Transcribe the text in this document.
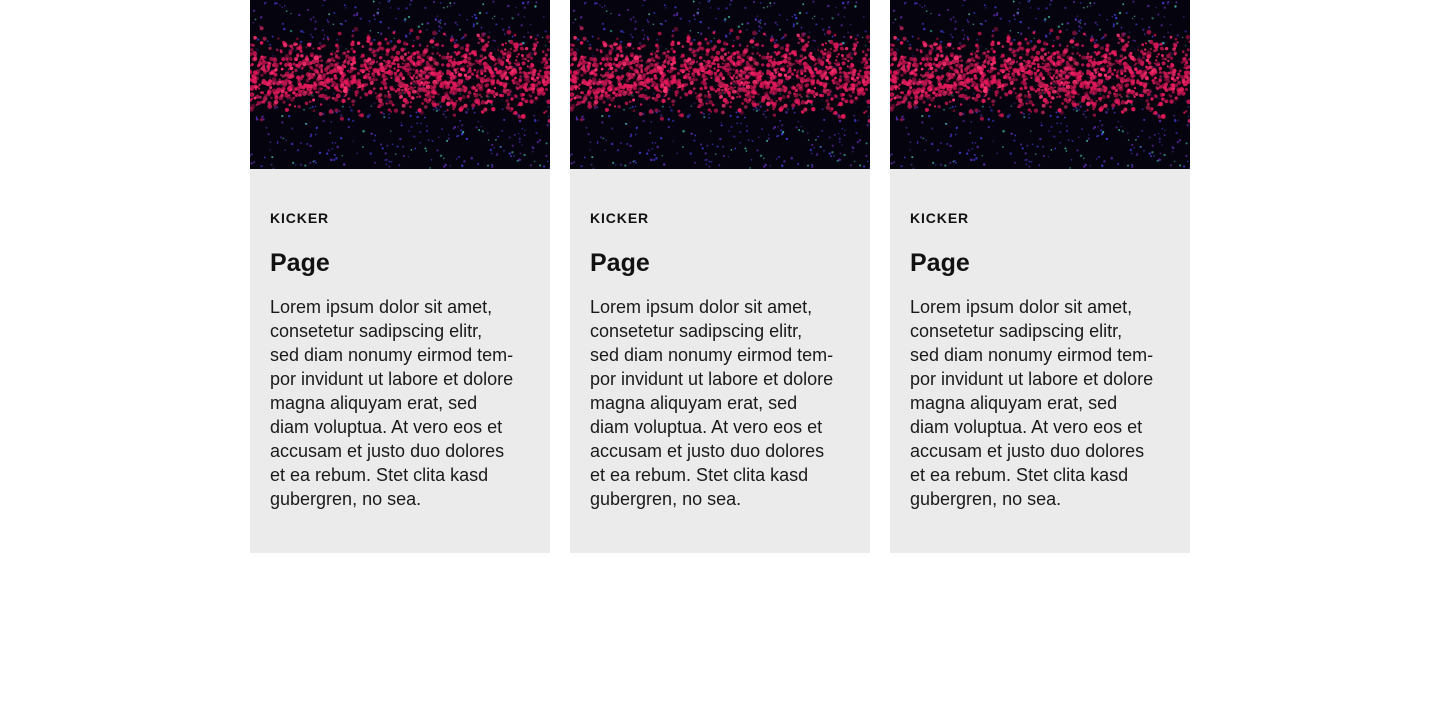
KICKER

Page

Lorem ipsum dolor sit amet,
consetetur sadipscing elitr,
sed diam nonumy eirmod tem-
por invidunt ut labore et dolore
magna aliquyam erat, sed
diam voluptua. At vero eos et
accusam et justo duo dolores
et ea rebum. Stet clita kasd
gubergren, no sea.

KICKER

Page

Lorem ipsum dolor sit amet,
consetetur sadipscing elitr,
sed diam nonumy eirmod tem-
por invidunt ut labore et dolore
magna aliquyam erat, sed
diam voluptua. At vero eos et
accusam et justo duo dolores
et ea rebum. Stet clita kasd
gubergren, no sea.

KICKER

Page

Lorem ipsum dolor sit amet,
consetetur sadipscing elitr,
sed diam nonumy eirmod tem-
por invidunt ut labore et dolore
magna aliquyam erat, sed
diam voluptua. At vero eos et
accusam et justo duo dolores
et ea rebum. Stet clita kasd
gubergren, no sea.
